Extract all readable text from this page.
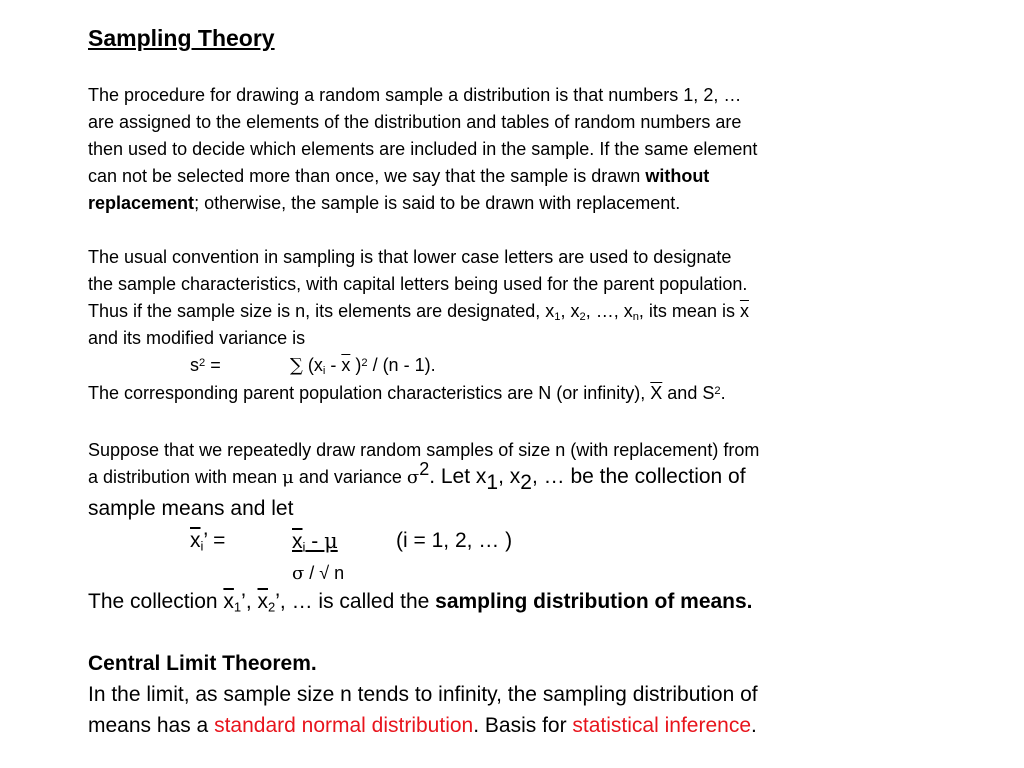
Sampling Theory
The procedure for drawing a random sample a distribution is that numbers 1, 2, …
are assigned to the elements of the distribution and tables of random numbers are
then used to decide which elements are included in the sample. If the same element
can not be selected more than once, we say that the sample is drawn without
replacement; otherwise, the sample is said to be drawn with replacement.
The usual convention in sampling is that lower case letters are used to designate
the sample characteristics, with capital letters being used for the parent population.
Thus if the sample size is n, its elements are designated, $x_1$, $x_2$, …, $x_n$, its mean is $\overline{x}$
and its modified variance is
$s^2$ =	∑ ($x_i - \overline{x}$ )$^2$ / (n - 1).
The corresponding parent population characteristics are N (or infinity), $\overline{X}$ and $S^2$.
Suppose that we repeatedly draw random samples of size n (with replacement) from
a distribution with mean μ and variance $\sigma^2$. Let $x_1$, $x_2$, … be the collection of
sample means and let
$\overline{x}_i$’ =	$x_i$ - μ	(i = 1, 2, … )
σ / √ n
The collection $\overline{x}_1$’, $\overline{x}_2$’, … is called the sampling distribution of means.
Central Limit Theorem.
In the limit, as sample size n tends to infinity, the sampling distribution of
means has a standard normal distribution. Basis for statistical inference.
